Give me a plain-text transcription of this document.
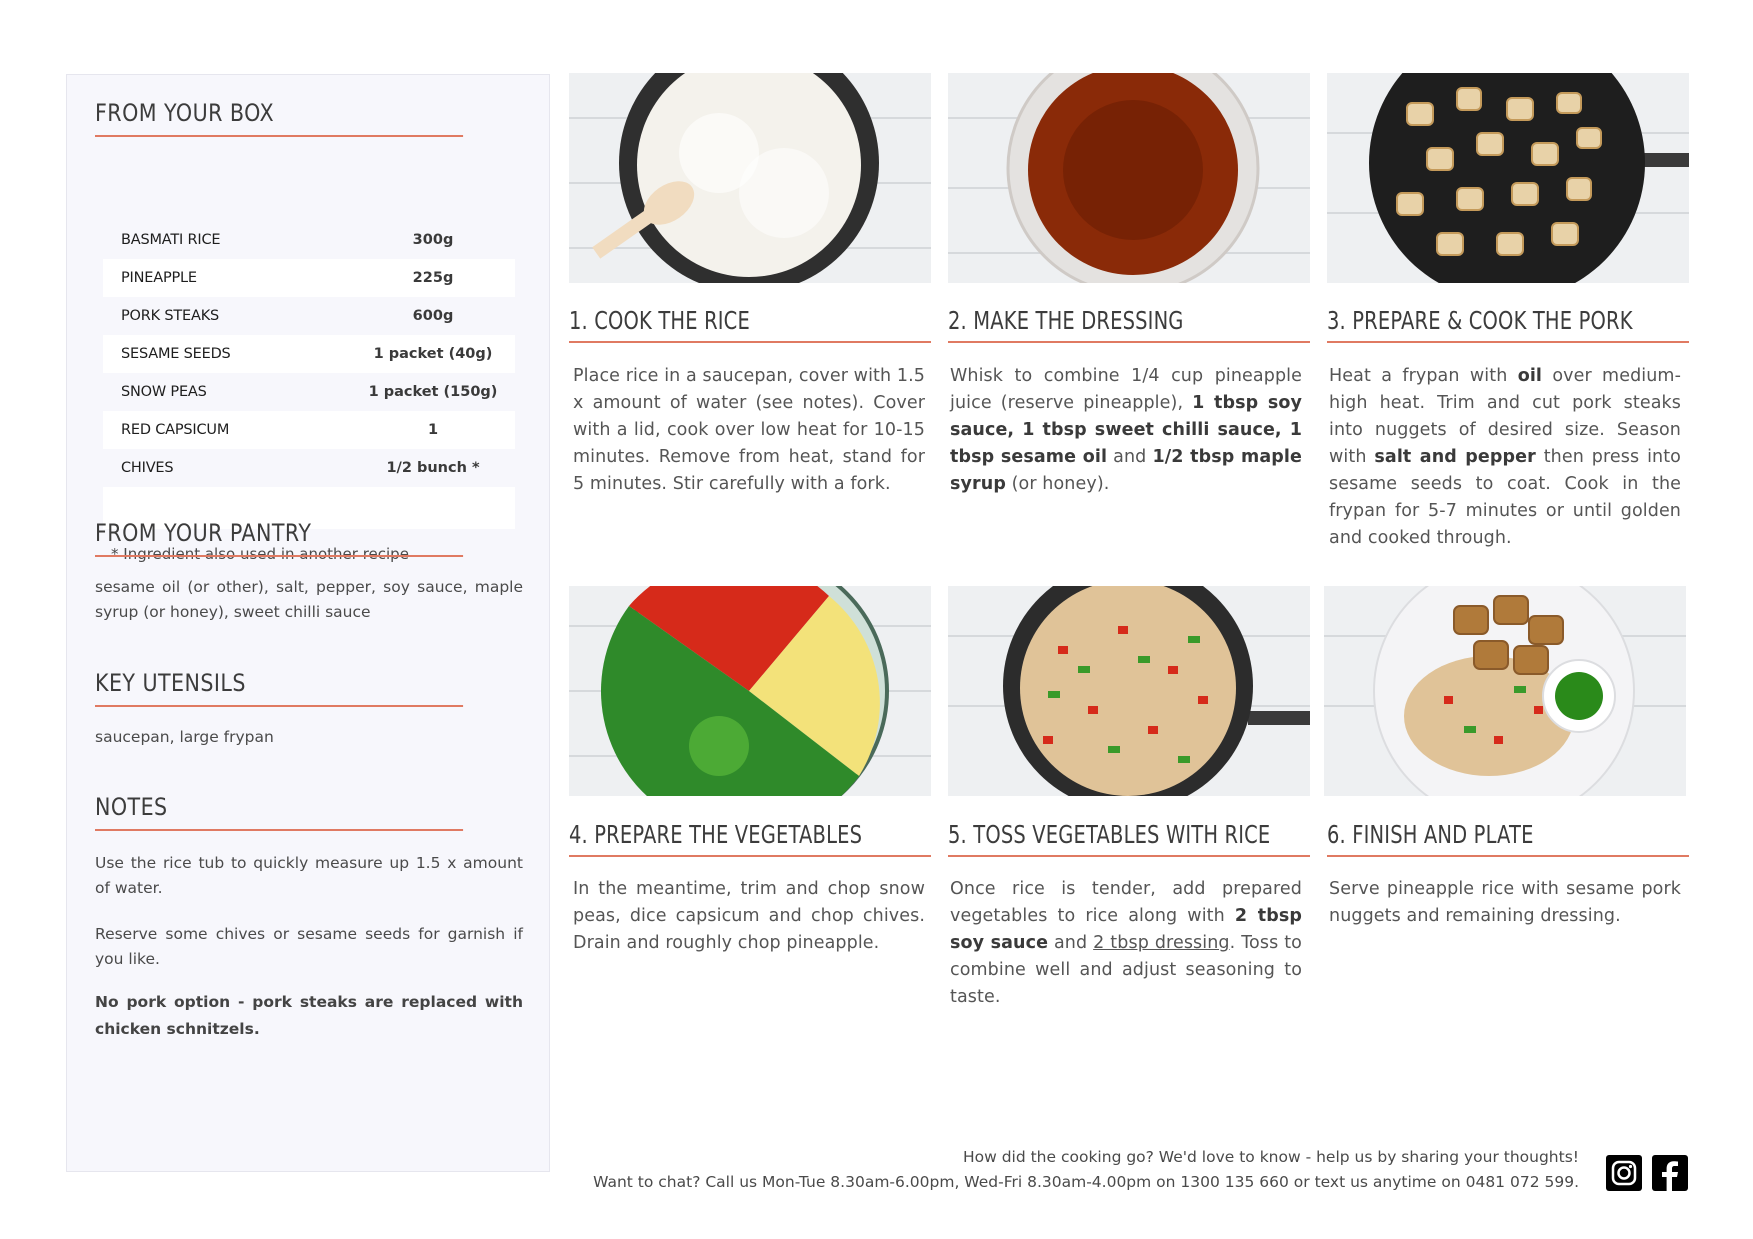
FROM YOUR BOX
BASMATI RICE	300g
PINEAPPLE	225g
PORK STEAKS	600g
SESAME SEEDS	1 packet (40g)
SNOW PEAS	1 packet (150g)
RED CAPSICUM	1
CHIVES	1/2 bunch *

* Ingredient also used in another recipe
FROM YOUR PANTRY
sesame oil (or other), salt, pepper, soy sauce, maple syrup (or honey), sweet chilli sauce
KEY UTENSILS
saucepan, large frypan
NOTES
Use the rice tub to quickly measure up 1.5 x amount of water.
Reserve some chives or sesame seeds for garnish if you like.
No pork option - pork steaks are replaced with chicken schnitzels.
1. COOK THE RICE
Place rice in a saucepan, cover with 1.5 x amount of water (see notes). Cover with a lid, cook over low heat for 10-15 minutes. Remove from heat, stand for 5 minutes. Stir carefully with a fork.
2. MAKE THE DRESSING
Whisk to combine 1/4 cup pineapple juice (reserve pineapple), 1 tbsp soy sauce, 1 tbsp sweet chilli sauce, 1 tbsp sesame oil and 1/2 tbsp maple syrup (or honey).
3. PREPARE & COOK THE PORK
Heat a frypan with oil over medium-high heat. Trim and cut pork steaks into nuggets of desired size. Season with salt and pepper then press into sesame seeds to coat. Cook in the frypan for 5-7 minutes or until golden and cooked through.
4. PREPARE THE VEGETABLES
In the meantime, trim and chop snow peas, dice capsicum and chop chives. Drain and roughly chop pineapple.
5. TOSS VEGETABLES WITH RICE
Once rice is tender, add prepared vegetables to rice along with 2 tbsp soy sauce and 2 tbsp dressing. Toss to combine well and adjust seasoning to taste.
6. FINISH AND PLATE
Serve pineapple rice with sesame pork nuggets and remaining dressing.
How did the cooking go? We'd love to know - help us by sharing your thoughts!
Want to chat? Call us Mon-Tue 8.30am-6.00pm, Wed-Fri 8.30am-4.00pm on 1300 135 660 or text us anytime on 0481 072 599.
